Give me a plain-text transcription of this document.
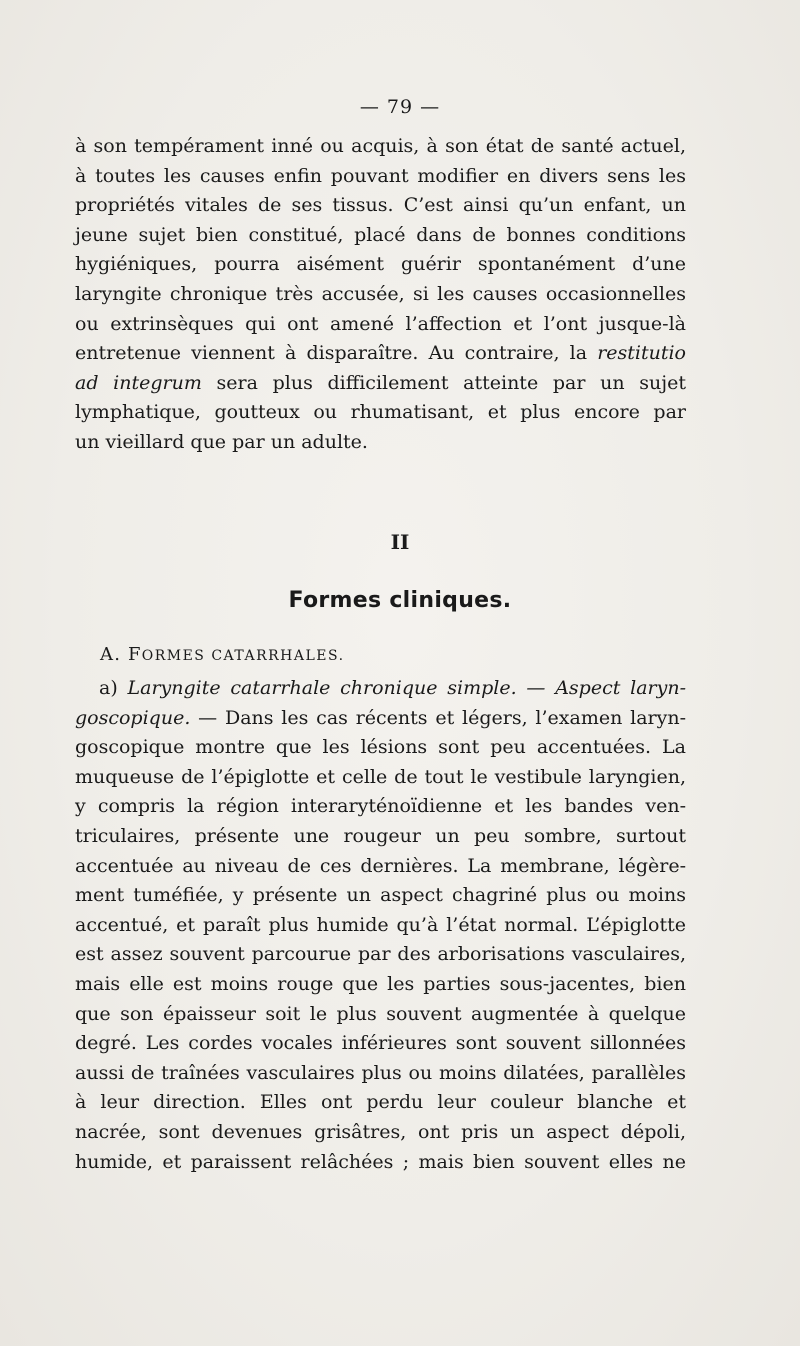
— 79 —
à son tempérament inné ou acquis, à son état de santé actuel,
à toutes les causes enfin pouvant modifier en divers sens les
propriétés vitales de ses tissus. C’est ainsi qu’un enfant, un
jeune sujet bien constitué, placé dans de bonnes conditions
hygiéniques, pourra aisément guérir spontanément d’une
laryngite chronique très accusée, si les causes occasionnelles
ou extrinsèques qui ont amené l’affection et l’ont jusque-là
entretenue viennent à disparaître. Au contraire, la restitutio
ad integrum sera plus difficilement atteinte par un sujet
lymphatique, goutteux ou rhumatisant, et plus encore par
un vieillard que par un adulte.
II
Formes cliniques.
A. FORMES CATARRHALES.
a) Laryngite catarrhale chronique simple. — Aspect laryn-
goscopique. — Dans les cas récents et légers, l’examen laryn-
goscopique montre que les lésions sont peu accentuées. La
muqueuse de l’épiglotte et celle de tout le vestibule laryngien,
y compris la région interaryténoïdienne et les bandes ven-
triculaires, présente une rougeur un peu sombre, surtout
accentuée au niveau de ces dernières. La membrane, légère-
ment tuméfiée, y présente un aspect chagriné plus ou moins
accentué, et paraît plus humide qu’à l’état normal. L’épiglotte
est assez souvent parcourue par des arborisations vasculaires,
mais elle est moins rouge que les parties sous-jacentes, bien
que son épaisseur soit le plus souvent augmentée à quelque
degré. Les cordes vocales inférieures sont souvent sillonnées
aussi de traînées vasculaires plus ou moins dilatées, parallèles
à leur direction. Elles ont perdu leur couleur blanche et
nacrée, sont devenues grisâtres, ont pris un aspect dépoli,
humide, et paraissent relâchées ; mais bien souvent elles ne
